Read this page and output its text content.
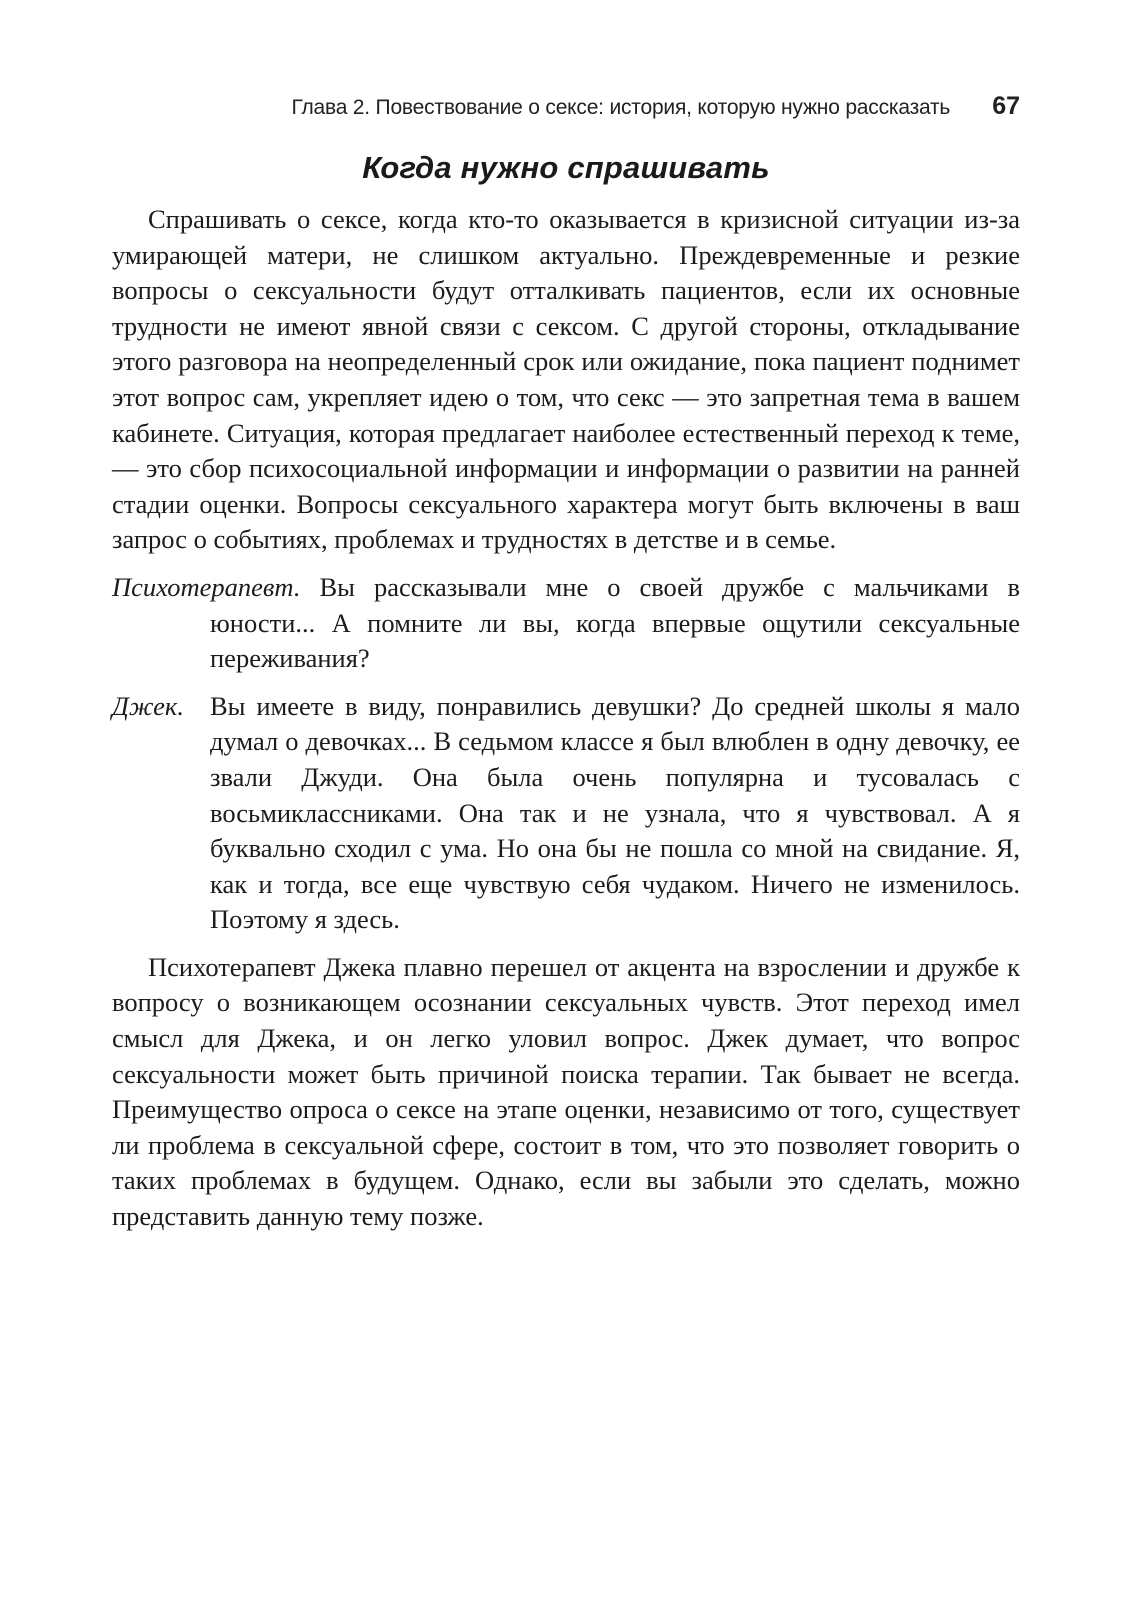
Глава 2. Повествование о сексе: история, которую нужно рассказать 67
Когда нужно спрашивать

Спрашивать о сексе, когда кто-то оказывается в кризисной ситуации из-за умирающей матери, не слишком актуально. Преждевременные и резкие вопросы о сексуальности будут отталкивать пациентов, если их основные трудности не имеют явной связи с сексом. С другой стороны, откладывание этого разговора на неопределенный срок или ожидание, пока пациент поднимет этот вопрос сам, укрепляет идею о том, что секс — это запретная тема в вашем кабинете. Ситуация, которая предлагает наиболее естественный переход к теме, — это сбор психосоциальной информации и информации о развитии на ранней стадии оценки. Вопросы сексуального характера могут быть включены в ваш запрос о событиях, проблемах и трудностях в детстве и в семье.

Психотерапевт. Вы рассказывали мне о своей дружбе с мальчиками в юности... А помните ли вы, когда впервые ощутили сексуальные переживания?
Джек. Вы имеете в виду, понравились девушки? До средней школы я мало думал о девочках... В седьмом классе я был влюблен в одну девочку, ее звали Джуди. Она была очень популярна и тусовалась с восьмиклассниками. Она так и не узнала, что я чувствовал. А я буквально сходил с ума. Но она бы не пошла со мной на свидание. Я, как и тогда, все еще чувствую себя чудаком. Ничего не изменилось. Поэтому я здесь.

Психотерапевт Джека плавно перешел от акцента на взрослении и дружбе к вопросу о возникающем осознании сексуальных чувств. Этот переход имел смысл для Джека, и он легко уловил вопрос. Джек думает, что вопрос сексуальности может быть причиной поиска терапии. Так бывает не всегда. Преимущество опроса о сексе на этапе оценки, независимо от того, существует ли проблема в сексуальной сфере, состоит в том, что это позволяет говорить о таких проблемах в будущем. Однако, если вы забыли это сделать, можно представить данную тему позже.
